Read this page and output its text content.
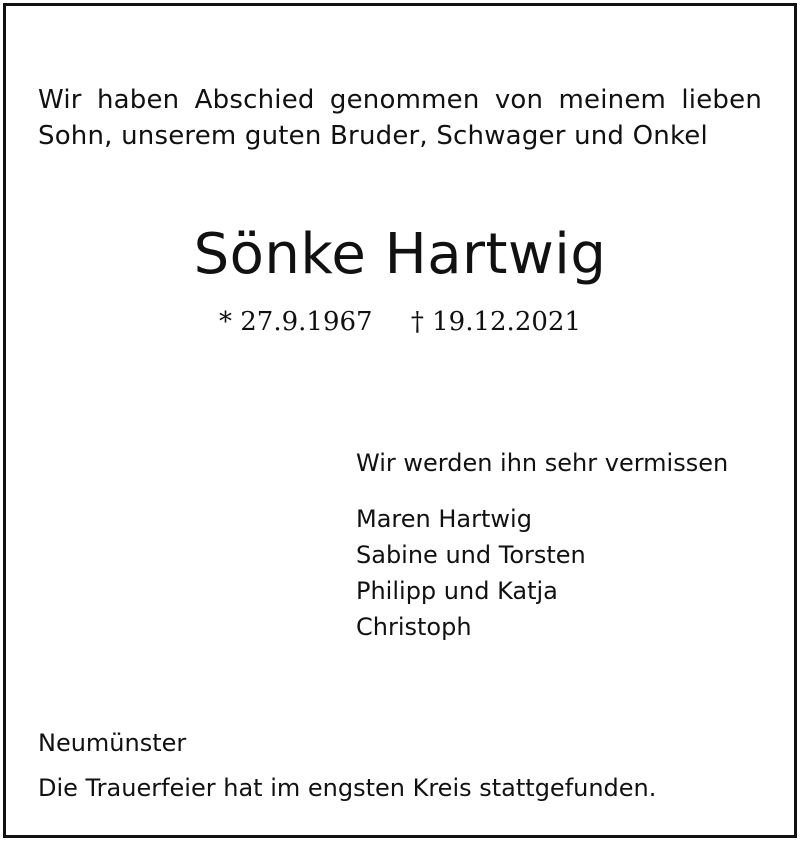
Wir haben Abschied genommen von meinem lieben
Sohn, unserem guten Bruder, Schwager und Onkel
Sönke Hartwig
* 27.9.1967 † 19.12.2021
Wir werden ihn sehr vermissen
Maren Hartwig
Sabine und Torsten
Philipp und Katja
Christoph
Neumünster
Die Trauerfeier hat im engsten Kreis stattgefunden.
